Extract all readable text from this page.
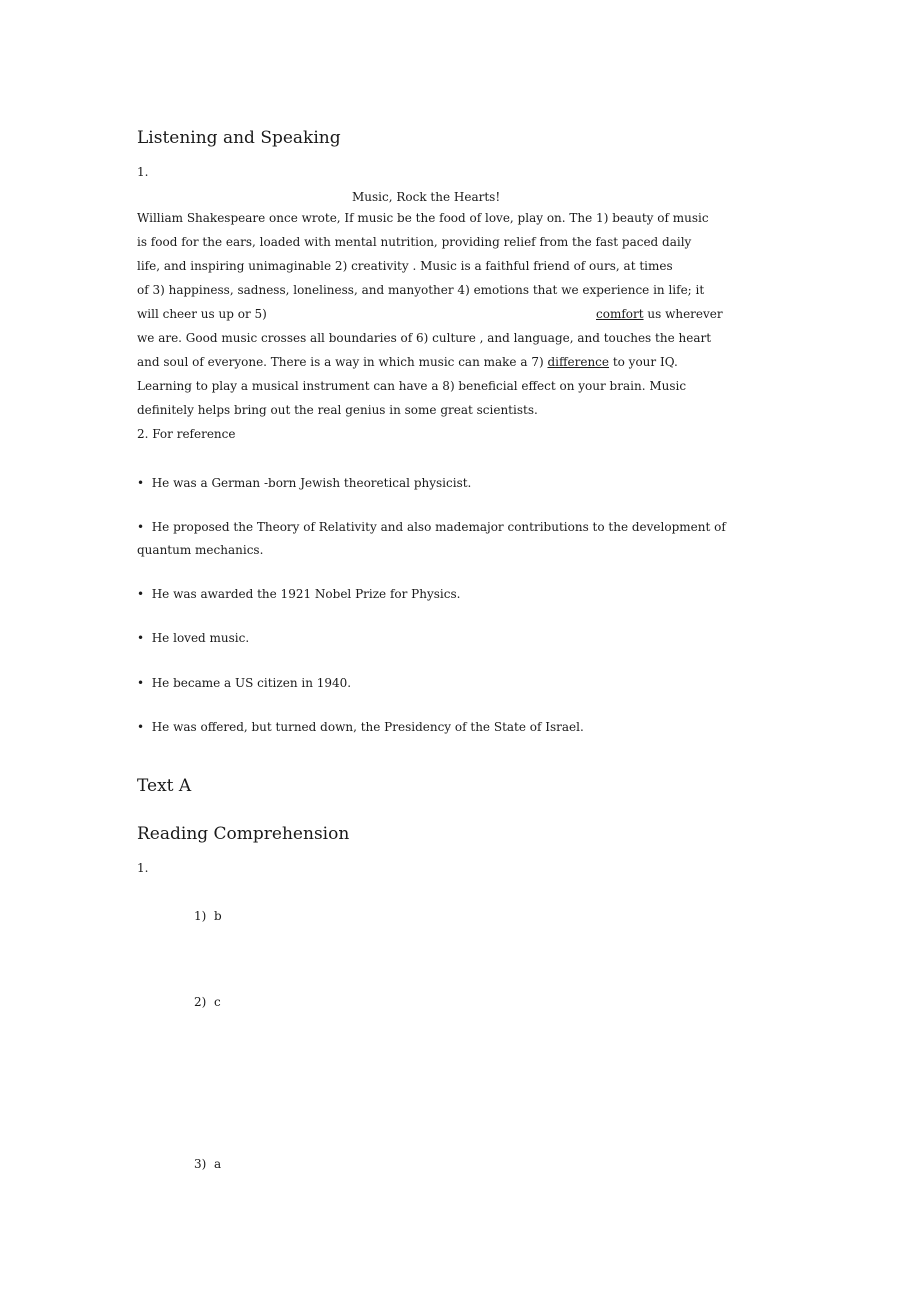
Listening and Speaking
1.
Music, Rock the Hearts!
William Shakespeare once wrote, If music be the food of love, play on. The 1) beauty of music
is food for the ears, loaded with mental nutrition, providing relief from the fast paced daily
life, and inspiring unimaginable 2) creativity . Music is a faithful friend of ours, at times
of 3) happiness, sadness, loneliness, and manyother 4) emotions that we experience in life; it
will cheer us up or 5)	comfort us wherever
we are. Good music crosses all boundaries of 6) culture , and language, and touches the heart
and soul of everyone. There is a way in which music can make a 7) difference to your IQ.
Learning to play a musical instrument can have a 8) beneficial effect on your brain. Music
definitely helps bring out the real genius in some great scientists.
2. For reference
• He was a German -born Jewish theoretical physicist.
• He proposed the Theory of Relativity and also mademajor contributions to the development of
quantum mechanics.
• He was awarded the 1921 Nobel Prize for Physics.
• He loved music.
• He became a US citizen in 1940.
• He was offered, but turned down, the Presidency of the State of Israel.
Text A
Reading Comprehension
1.
1)  b
2)  c
3)  a
